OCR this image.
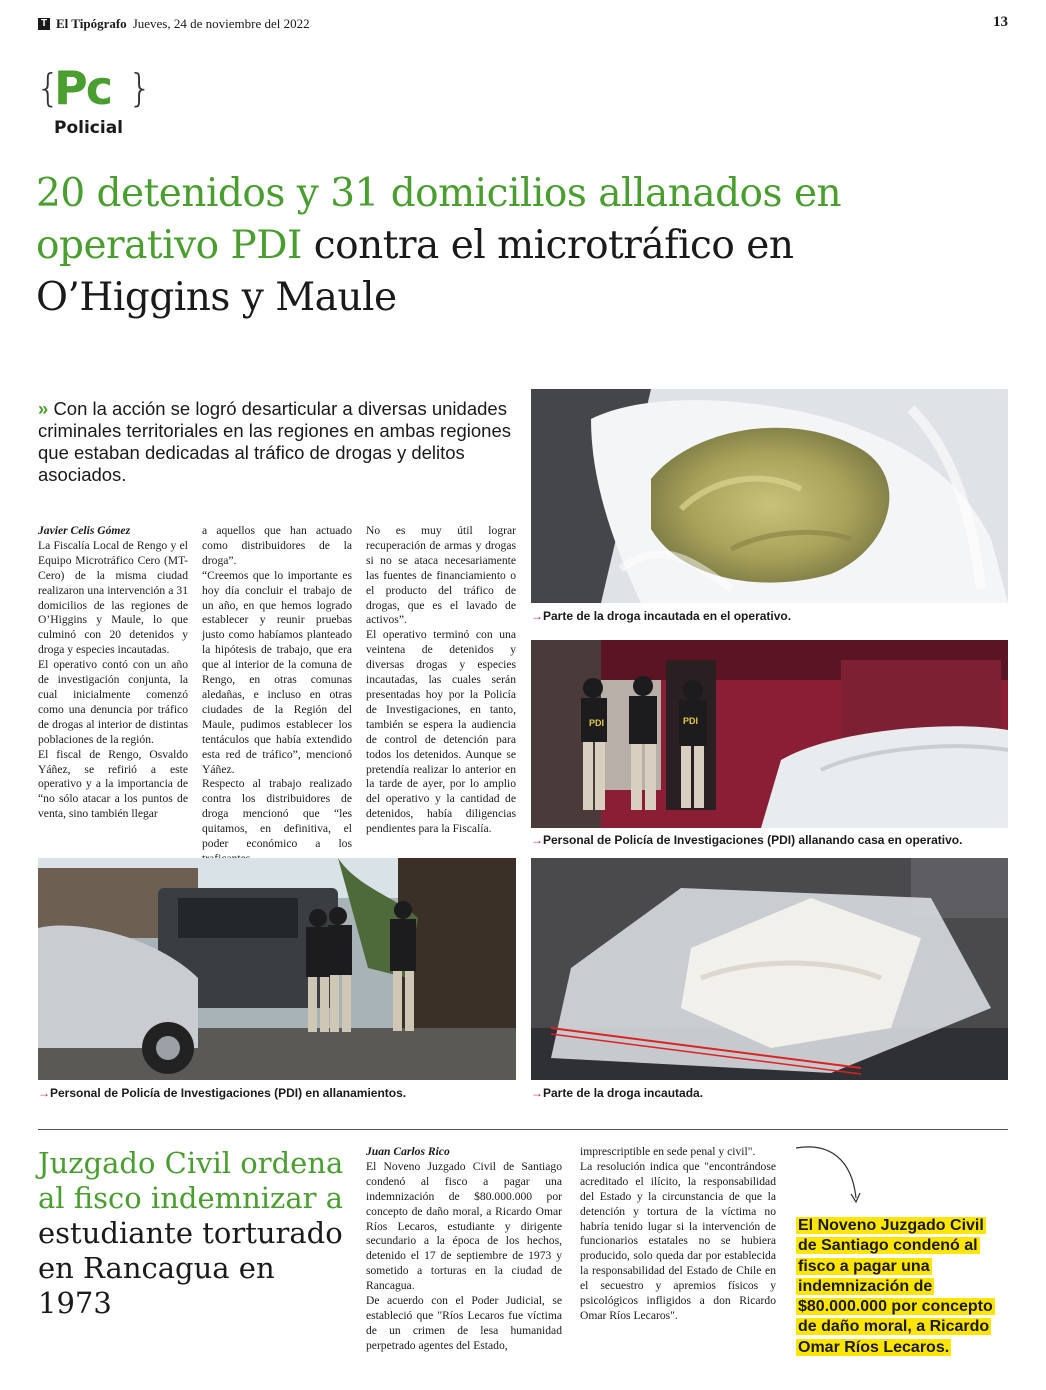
T El Tipógrafo Jueves, 24 de noviembre del 2022	13
{
Pc }
Policial
20 detenidos y 31 domicilios allanados en operativo PDI contra el microtráfico en O’Higgins y Maule
» Con la acción se logró desarticular a diversas unidades criminales territoriales en las regiones en ambas regiones que estaban dedicadas al tráfico de drogas y delitos asociados.

Javier Celis Gómez

La Fiscalía Local de Rengo y el Equipo Microtráfico Cero (MT-Cero) de la misma ciudad realizaron una intervención a 31 domicilios de las regiones de O’Higgins y Maule, lo que culminó con 20 detenidos y droga y especies incautadas.

El operativo contó con un año de investigación conjunta, la cual inicialmente comenzó como una denuncia por tráfico de drogas al interior de distintas poblaciones de la región.

El fiscal de Rengo, Osvaldo Yáñez, se refirió a este operativo y a la importancia de “no sólo atacar a los puntos de venta, sino también llegar

a aquellos que han actuado como distribuidores de la droga”.

“Creemos que lo importante es hoy día concluir el trabajo de un año, en que hemos logrado establecer y reunir pruebas justo como habíamos planteado la hipótesis de trabajo, que era que al interior de la comuna de Rengo, en otras comunas aledañas, e incluso en otras ciudades de la Región del Maule, pudimos establecer los tentáculos que había extendido esta red de tráfico”, mencionó Yáñez.

Respecto al trabajo realizado contra los distribuidores de droga mencionó que “les quitamos, en definitiva, el poder económico a los

No es muy útil lograr recuperación de armas y drogas si no se ataca necesariamente las fuentes de financiamiento o el producto del tráfico de drogas, que es el lavado de activos”.

El operativo terminó con una veintena de detenidos y diversas drogas y especies incautadas, las cuales serán presentadas hoy por la Policía de Investigaciones, en tanto, también se espera la audiencia de control de detención para todos los detenidos. Aunque se pretendía realizar lo anterior en la tarde de ayer, por lo amplio del operativo y la cantidad de detenidos, había diligencias pendientes para la Fiscalía.

→Parte de la droga incautada en el operativo.
PDI	PDI
→Personal de Policía de Investigaciones (PDI) allanando casa en operativo.
→Personal de Policía de Investigaciones (PDI) en allanamientos.	→Parte de la droga incautada.
Juzgado Civil ordena al fisco indemnizar a estudiante torturado en Rancagua en 1973

Juan Carlos Rico

El Noveno Juzgado Civil de Santiago condenó al fisco a pagar una indemnización de $80.000.000 por concepto de daño moral, a Ricardo Omar Ríos Lecaros, estudiante y dirigente secundario a la época de los hechos, detenido el 17 de septiembre de 1973 y sometido a torturas en la ciudad de Rancagua.

De acuerdo con el Poder Judicial, se estableció que "Ríos Lecaros fue víctima de un crimen de lesa humanidad perpetrado agentes del Estado,

imprescriptible en sede penal y civil".

La resolución indica que "encontrándose acreditado el ilícito, la responsabilidad del Estado y la circunstancia de que la detención y tortura de la víctima no habría tenido lugar si la intervención de funcionarios estatales no se hubiera producido, solo queda dar por establecida la responsabilidad del Estado de Chile en el secuestro y apremios físicos y psicológicos infligidos a don Ricardo Omar Ríos Lecaros".

El Noveno Juzgado Civil de Santiago condenó al fisco a pagar una indemnización de $80.000.000 por concepto de daño moral, a Ricardo Omar Ríos Lecaros.
